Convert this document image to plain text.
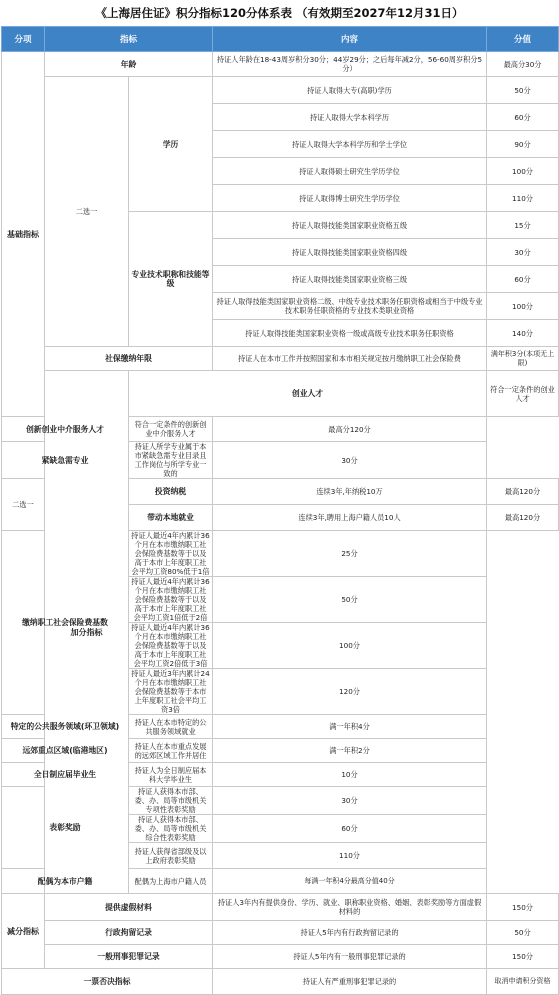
《上海居住证》积分指标120分体系表 （有效期至2027年12月31日）
分项	指标		内容	分值	
基础指标	年龄		持证人年龄在18-43周岁积分30分；44岁29分；之后每年减2分，56-60周岁积分5分）	最高分30分	
	二选一	学历	持证人取得大专(高职)学历	50分	
			持证人取得大学本科学历	60分	
			持证人取得大学本科学历和学士学位	90分	
			持证人取得硕士研究生学历学位	100分	
			持证人取得博士研究生学历学位	110分	
		专业技术职称和技能等级	持证人取得技能类国家职业资格五级	15分	
			持证人取得技能类国家职业资格四级	30分	
			持证人取得技能类国家职业资格三级	60分	
			持证人取得技能类国家职业资格二级、中级专业技术职务任职资格或相当于中级专业技术职务任职资格的专业技术类职业资格	100分	
			持证人取得技能类国家职业资格一级或高级专业技术职务任职资格	140分	
	社保缴纳年限		持证人在本市工作并按照国家和本市相关规定按月缴纳职工社会保险费	满年积3分(本项无上限)	
	加分指标	创业人才		符合一定条件的创业人才	
创新创业中介服务人才		符合一定条件的创新创业中介服务人才	最高分120分		
紧缺急需专业		持证人所学专业属于本市紧缺急需专业目录且工作岗位与所学专业一致的	30分		
二选一		投资纳税	连续3年,年纳税10万	最高120分	
		带动本地就业	连续3年,聘用上海户籍人员10人	最高120分	
缴纳职工社会保险费基数		持证人最近4年内累计36个月在本市缴纳职工社会保险费基数等于以及高于本市上年度职工社会平均工资80%低于1倍	25分		
		持证人最近4年内累计36个月在本市缴纳职工社会保险费基数等于以及高于本市上年度职工社会平均工资1倍低于2倍	50分		
		持证人最近4年内累计36个月在本市缴纳职工社会保险费基数等于以及高于本市上年度职工社会平均工资2倍低于3倍	100分		
		持证人最近3年内累计24个月在本市缴纳职工社会保险费基数等于本市上年度职工社会平均工资3倍	120分		
特定的公共服务领域(环卫领域)		持证人在本市特定的公共服务领域就业	满一年积4分		
远郊重点区域(临港地区)		持证人在本市重点发展的远郊区域工作并居住	满一年积2分		
全日制应届毕业生		持证人为全日制应届本科大学毕业生	10分		
表彰奖励		持证人获得本市部、委、办、局等市级机关专项性表彰奖励	30分		
		持证人获得本市部、委、办、局等市级机关综合性表彰奖励	60分		
		持证人获得省部级及以上政府表彰奖励	110分		
配偶为本市户籍		配偶为上海市户籍人员	每满一年积4分最高分值40分		
减分指标	提供虚假材料		持证人3年内有提供身份、学历、就业、职称职业资格、婚姻、表彰奖励等方面虚假材料的	150分	
	行政拘留记录		持证人5年内有行政拘留记录的	50分	
	一般刑事犯罪记录		持证人5年内有一般刑事犯罪记录的	150分	
一票否决指标			持证人有严重刑事犯罪记录的	取消申请积分资格	
